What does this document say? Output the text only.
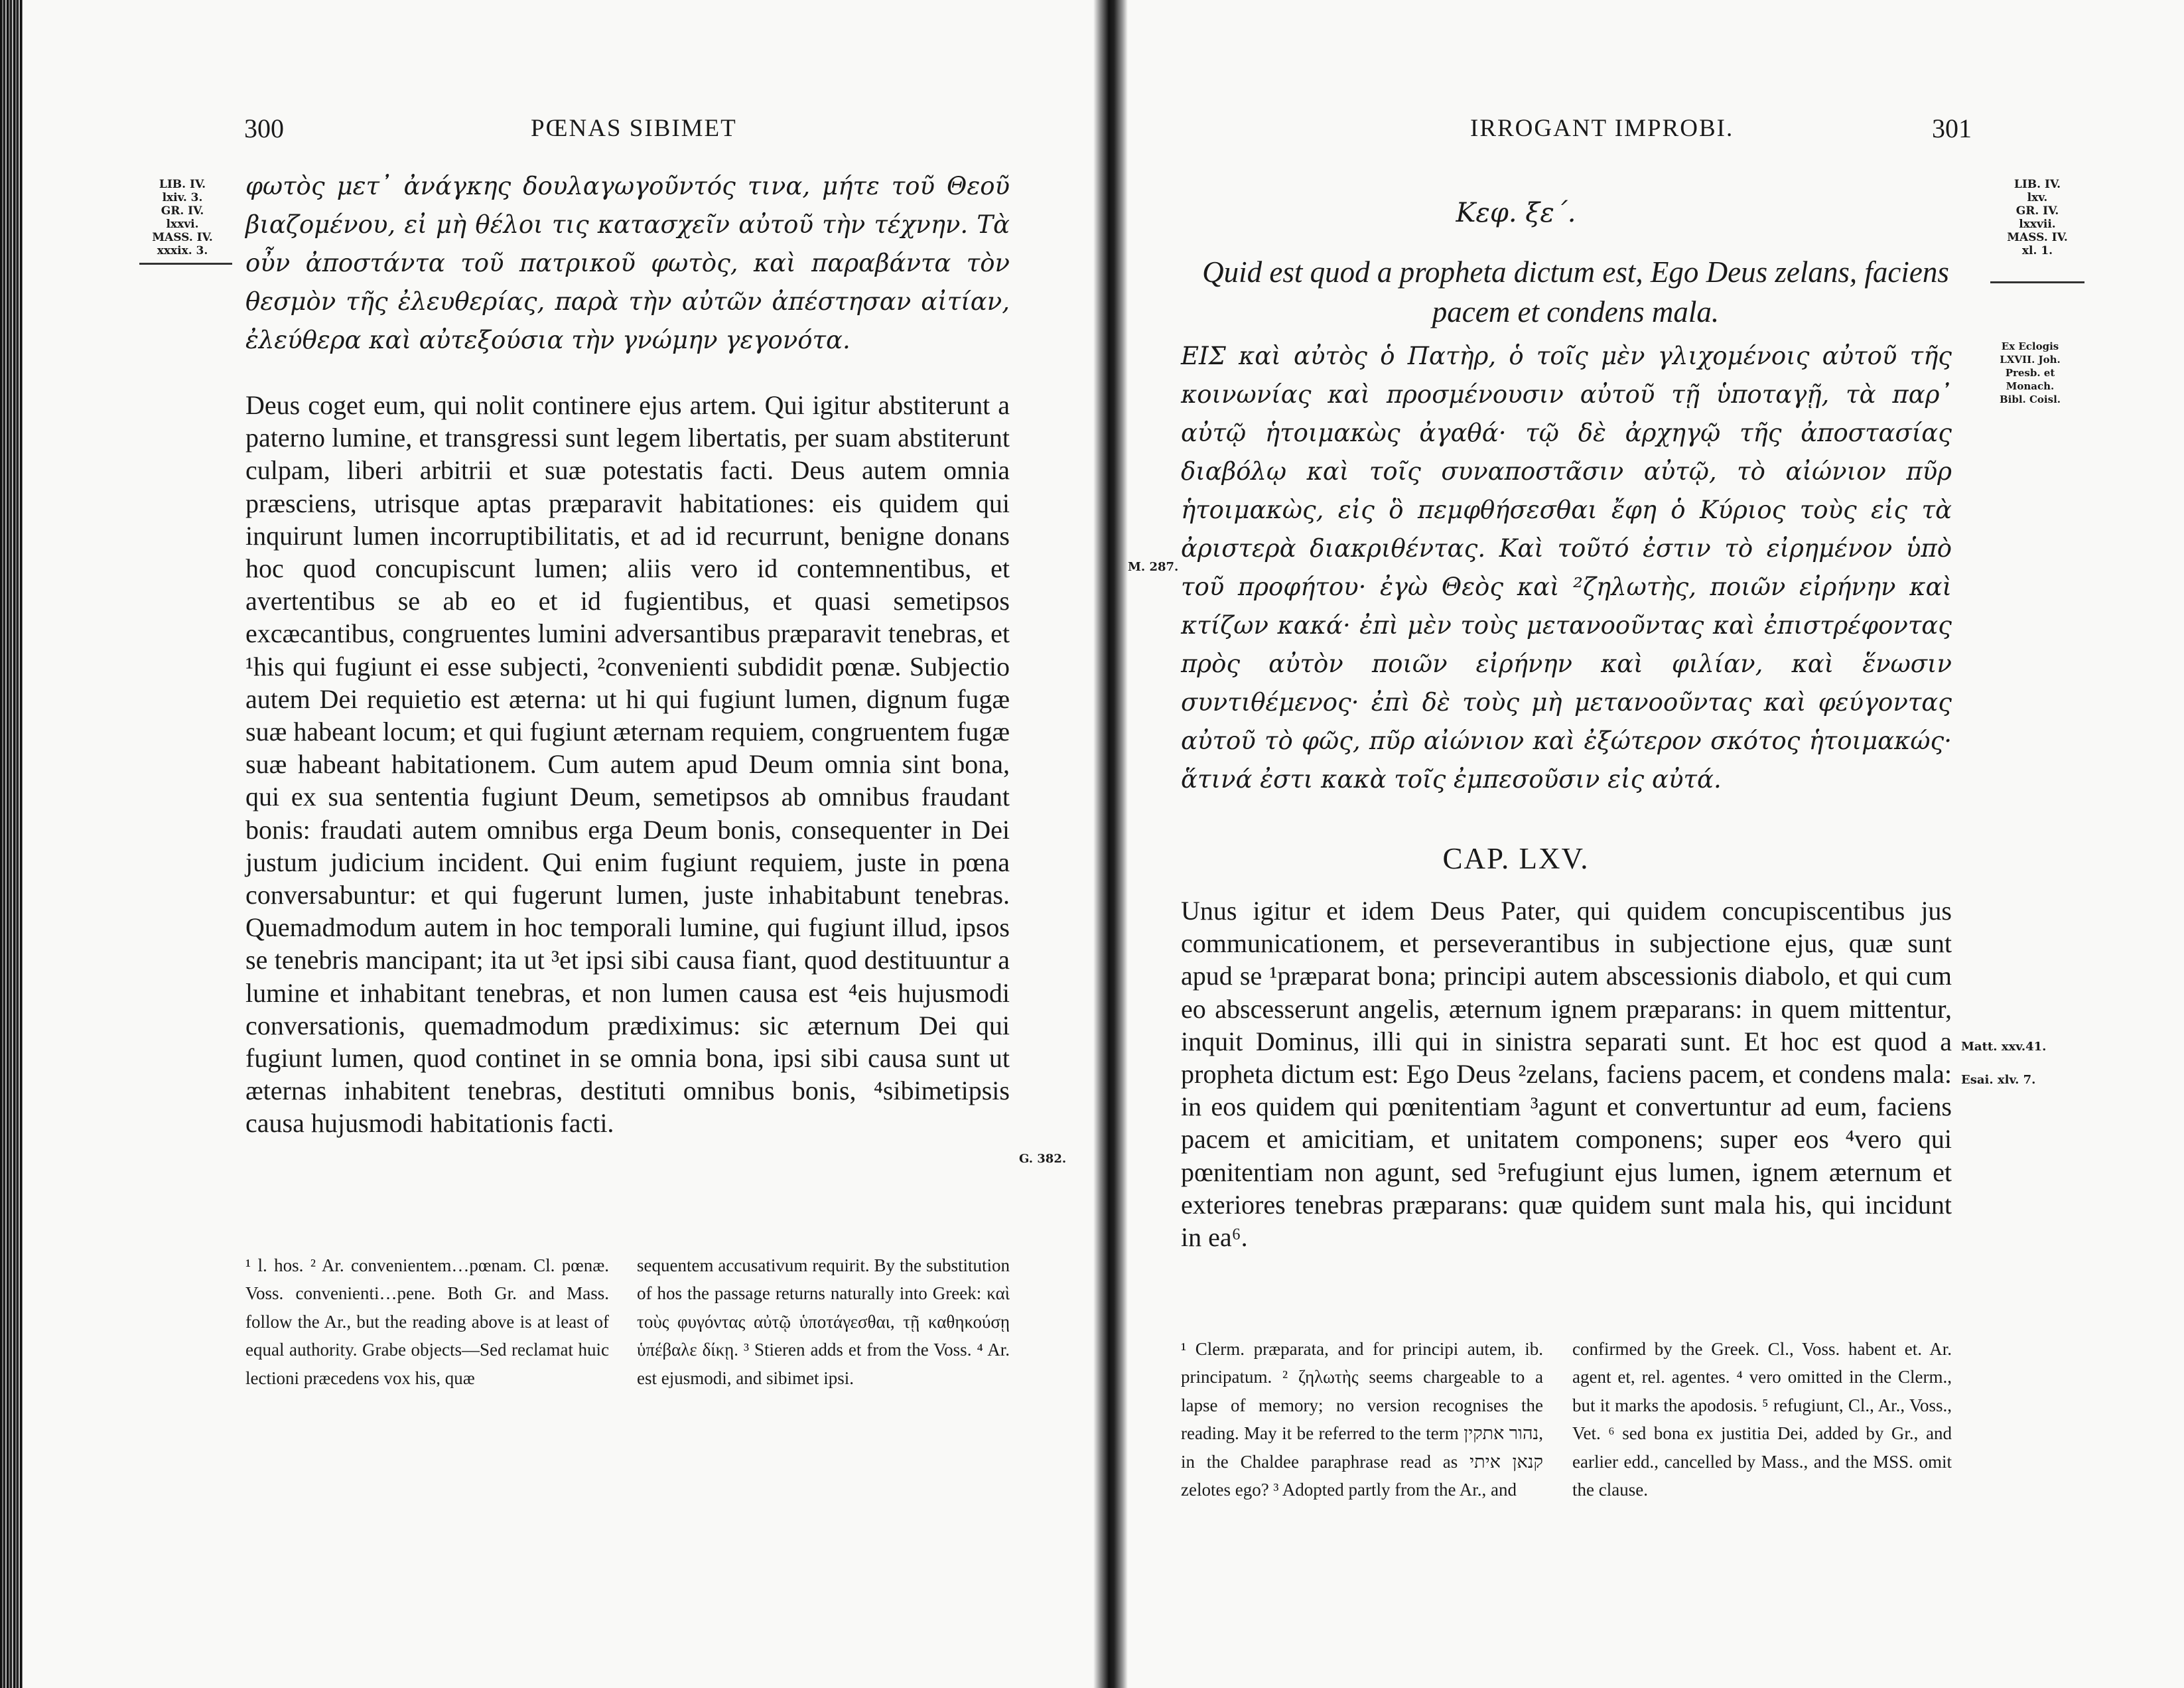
300	PŒNAS SIBIMET
LIB. IV.
lxiv. 3.
GR. IV.
lxxvi.
MASS. IV.
xxxix. 3.

φωτὸς μετ᾽ ἀνάγκης δουλαγωγοῦντός τινα, μήτε τοῦ Θεοῦ βιαζομένου, εἰ μὴ θέλοι τις κατασχεῖν αὐτοῦ τὴν τέχνην. Τὰ οὖν ἀποστάντα τοῦ πατρικοῦ φωτὸς, καὶ παραβάντα τὸν θεσμὸν τῆς ἐλευθερίας, παρὰ τὴν αὐτῶν ἀπέστησαν αἰτίαν, ἐλεύθερα καὶ αὐτεξούσια τὴν γνώμην γεγονότα.

Deus coget eum, qui nolit continere ejus artem. Qui igitur abstiterunt a paterno lumine, et transgressi sunt legem libertatis, per suam abstiterunt culpam, liberi arbitrii et suæ potestatis facti. Deus autem omnia præsciens, utrisque aptas præparavit habitationes: eis quidem qui inquirunt lumen incorruptibilitatis, et ad id recurrunt, benigne donans hoc quod concupiscunt lumen; aliis vero id contemnentibus, et avertentibus se ab eo et id fugientibus, et quasi semetipsos excæcantibus, congruentes lumini adversantibus præparavit tenebras, et ¹his qui fugiunt ei esse subjecti, ²convenienti subdidit pœnæ. Subjectio autem Dei requietio est æterna: ut hi qui fugiunt lumen, dignum fugæ suæ habeant locum; et qui fugiunt æternam requiem, congruentem fugæ suæ habeant habitationem. Cum autem apud Deum omnia sint bona, qui ex sua sententia fugiunt Deum, semetipsos ab omnibus fraudant bonis: fraudati autem omnibus erga Deum bonis, consequenter in Dei justum judicium incident. Qui enim fugiunt requiem, juste in pœna conversabuntur: et qui fugerunt lumen, juste inhabitabunt tenebras. Quemadmodum autem in hoc temporali lumine, qui fugiunt illud, ipsos se tenebris mancipant; ita ut ³et ipsi sibi causa fiant, quod destituuntur a lumine et inhabitant tenebras, et non lumen causa est ⁴eis hujusmodi conversationis, quemadmodum prædiximus: sic æternum Dei qui fugiunt lumen, quod continet in se omnia bona, ipsi sibi causa sunt ut æternas inhabitent tenebras, destituti omnibus bonis, ⁴sibimetipsis causa hujusmodi habitationis facti.

G. 382.

¹ l. hos. ² Ar. convenientem…pœnam. Cl. pœnæ. Voss. convenienti…pene. Both Gr. and Mass. follow the Ar., but the reading above is at least of equal authority. Grabe objects—Sed reclamat huic lectioni præcedens vox his, quæ

sequentem accusativum requirit. By the substitution of hos the passage returns naturally into Greek: καὶ τοὺς φυγόντας αὐτῷ ὑποτάγεσθαι, τῇ καθηκούσῃ ὑπέβαλε δίκῃ. ³ Stieren adds et from the Voss. ⁴ Ar. est ejusmodi, and sibimet ipsi.

IRROGANT IMPROBI.	301
LIB. IV.
lxv.
GR. IV.
lxxvii.
MASS. IV.
xl. 1.
Κεφ. ξε΄.
Quid est quod a propheta dictum est, Ego Deus zelans, faciens pacem et condens mala.

ΕΙΣ καὶ αὐτὸς ὁ Πατὴρ, ὁ τοῖς μὲν γλιχομένοις αὐτοῦ τῆς κοινωνίας καὶ προσμένουσιν αὐτοῦ τῇ ὑποταγῇ, τὰ παρ᾽ αὐτῷ ἡτοιμακὼς ἀγαθά· τῷ δὲ ἀρχηγῷ τῆς ἀποστασίας διαβόλῳ καὶ τοῖς συναποστᾶσιν αὐτῷ, τὸ αἰώνιον πῦρ ἡτοιμακὼς, εἰς ὃ πεμφθήσεσθαι ἔφη ὁ Κύριος τοὺς εἰς τὰ ἀριστερὰ διακριθέντας. Καὶ τοῦτό ἐστιν τὸ εἰρημένον ὑπὸ τοῦ προφήτου· ἐγὼ Θεὸς καὶ ²ζηλωτὴς, ποιῶν εἰρήνην καὶ κτίζων κακά· ἐπὶ μὲν τοὺς μετανοοῦντας καὶ ἐπιστρέφοντας πρὸς αὐτὸν ποιῶν εἰρήνην καὶ φιλίαν, καὶ ἕνωσιν συντιθέμενος· ἐπὶ δὲ τοὺς μὴ μετανοοῦντας καὶ φεύγοντας αὐτοῦ τὸ φῶς, πῦρ αἰώνιον καὶ ἐξώτερον σκότος ἡτοιμακώς· ἅτινά ἐστι κακὰ τοῖς ἐμπεσοῦσιν εἰς αὐτά.

M. 287.
Ex Eclogis
LXVII. Joh.
Presb. et
Monach.
Bibl. Coisl.
CAP. LXV.

Unus igitur et idem Deus Pater, qui quidem concupiscentibus jus communicationem, et perseverantibus in subjectione ejus, quæ sunt apud se ¹præparat bona; principi autem abscessionis diabolo, et qui cum eo abscesserunt angelis, æternum ignem præparans: in quem mittentur, inquit Dominus, illi qui in sinistra separati sunt. Et hoc est quod a propheta dictum est: Ego Deus ²zelans, faciens pacem, et condens mala: in eos quidem qui pœnitentiam ³agunt et convertuntur ad eum, faciens pacem et amicitiam, et unitatem componens; super eos ⁴vero qui pœnitentiam non agunt, sed ⁵refugiunt ejus lumen, ignem æternum et exteriores tenebras præparans: quæ quidem sunt mala his, qui incidunt in ea⁶.

Matt. xxv.41.
Esai. xlv. 7.

¹ Clerm. præparata, and for principi autem, ib. principatum. ² ζηλωτὴς seems chargeable to a lapse of memory; no version recognises the reading. May it be referred to the term נהור אתקין, in the Chaldee paraphrase read as קנאן איתי zelotes ego? ³ Adopted partly from the Ar., and

confirmed by the Greek. Cl., Voss. habent et. Ar. agent et, rel. agentes. ⁴ vero omitted in the Clerm., but it marks the apodosis. ⁵ refugiunt, Cl., Ar., Voss., Vet. ⁶ sed bona ex justitia Dei, added by Gr., and earlier edd., cancelled by Mass., and the MSS. omit the clause.
